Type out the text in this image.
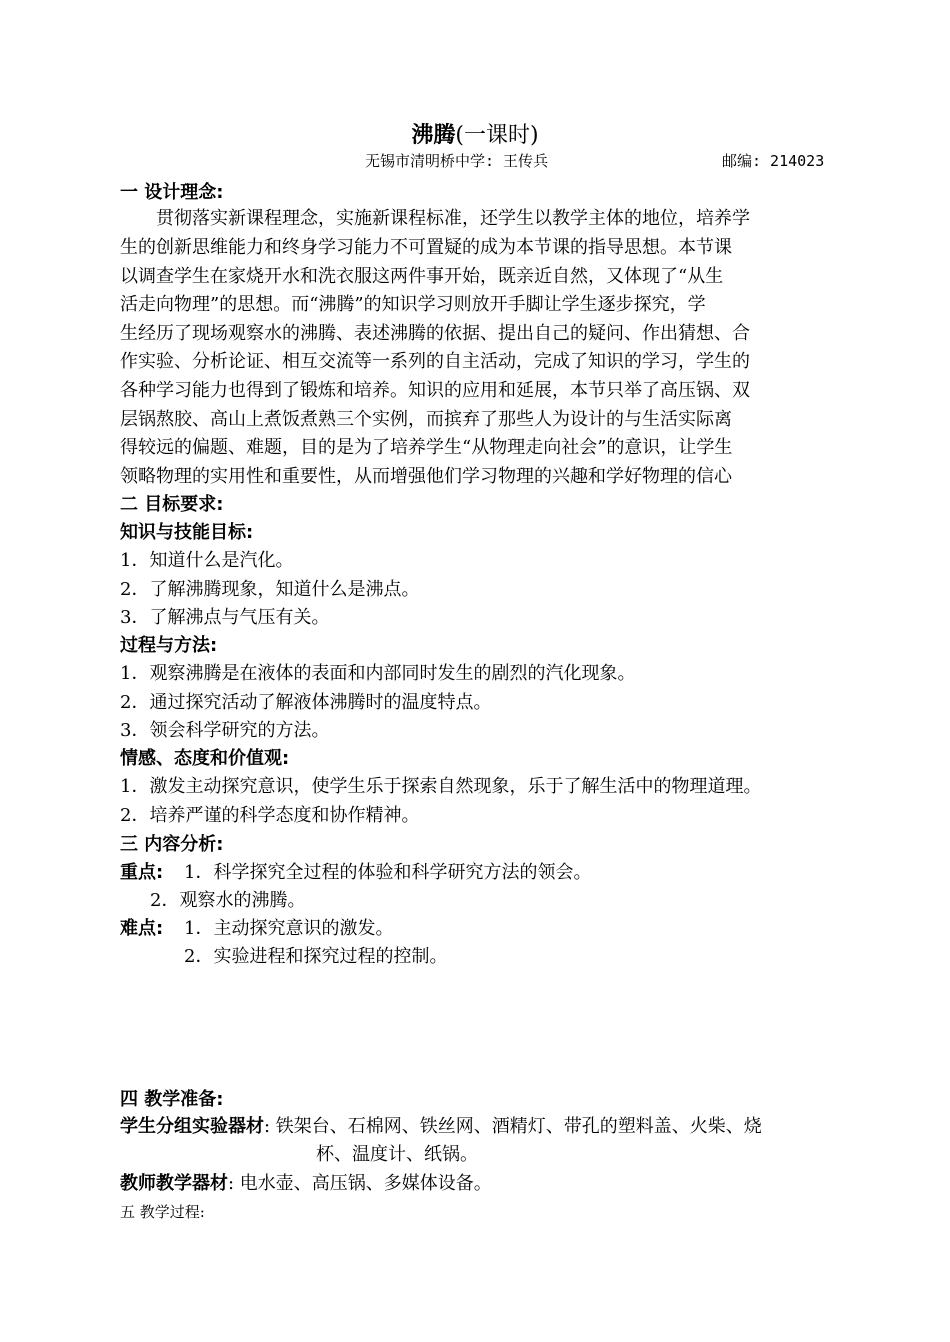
沸腾(一课时)
无锡市清明桥中学: 王传兵	邮编: 214023
一 设计理念:
　　贯彻落实新课程理念，实施新课程标准，还学生以教学主体的地位，培养学
生的创新思维能力和终身学习能力不可置疑的成为本节课的指导思想。本节课
以调查学生在家烧开水和洗衣服这两件事开始，既亲近自然，又体现了“从生
活走向物理”的思想。而“沸腾”的知识学习则放开手脚让学生逐步探究，学
生经历了现场观察水的沸腾、表述沸腾的依据、提出自己的疑问、作出猜想、合
作实验、分析论证、相互交流等一系列的自主活动，完成了知识的学习，学生的
各种学习能力也得到了锻炼和培养。知识的应用和延展，本节只举了高压锅、双
层锅熬胶、高山上煮饭煮熟三个实例，而摈弃了那些人为设计的与生活实际离
得较远的偏题、难题，目的是为了培养学生“从物理走向社会”的意识，让学生
领略物理的实用性和重要性，从而增强他们学习物理的兴趣和学好物理的信心
二 目标要求:
知识与技能目标:
1．知道什么是汽化。
2．了解沸腾现象，知道什么是沸点。
3．了解沸点与气压有关。
过程与方法:
1．观察沸腾是在液体的表面和内部同时发生的剧烈的汽化现象。
2．通过探究活动了解液体沸腾时的温度特点。
3．领会科学研究的方法。
情感、态度和价值观:
1．激发主动探究意识，使学生乐于探索自然现象，乐于了解生活中的物理道理。
2．培养严谨的科学态度和协作精神。
三 内容分析:
重点: 1．科学探究全过程的体验和科学研究方法的领会。
2．观察水的沸腾。
难点: 1．主动探究意识的激发。
2．实验进程和探究过程的控制。
四 教学准备:
学生分组实验器材: 铁架台、石棉网、铁丝网、酒精灯、带孔的塑料盖、火柴、烧
杯、温度计、纸锅。
教师教学器材: 电水壶、高压锅、多媒体设备。
五 教学过程:
